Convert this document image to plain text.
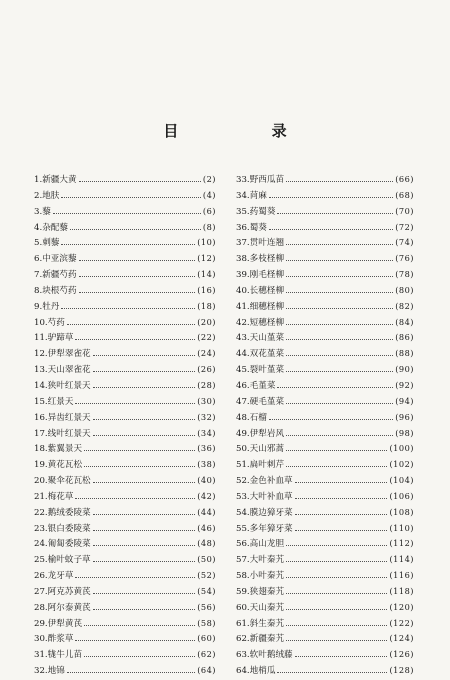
目 录
1.新疆大黄	(2)
2.地肤	(4)
3.藜	(6)
4.杂配藜	(8)
5.刺藜	(10)
6.中亚滨藜	(12)
7.新疆芍药	(14)
8.块根芍药	(16)
9.牡丹	(18)
10.芍药	(20)
11.驴蹄草	(22)
12.伊犁翠雀花	(24)
13.天山翠雀花	(26)
14.狭叶红景天	(28)
15.红景天	(30)
16.异齿红景天	(32)
17.线叶红景天	(34)
18.紫翼景天	(36)
19.黄花瓦松	(38)
20.聚伞花瓦松	(40)
21.梅花草	(42)
22.鹅绒委陵菜	(44)
23.银白委陵菜	(46)
24.匍匐委陵菜	(48)
25.榆叶蚊子草	(50)
26.龙牙草	(52)
27.阿克苏黄芪	(54)
28.阿尔泰黄芪	(56)
29.伊犁黄芪	(58)
30.酢浆草	(60)
31.牻牛儿苗	(62)
32.地锦	(64)
33.野西瓜苗	(66)
34.苘麻	(68)
35.药蜀葵	(70)
36.蜀葵	(72)
37.贯叶连翘	(74)
38.多枝柽柳	(76)
39.刚毛柽柳	(78)
40.长穗柽柳	(80)
41.细穗柽柳	(82)
42.短穗柽柳	(84)
43.天山堇菜	(86)
44.双花堇菜	(88)
45.裂叶堇菜	(90)
46.毛堇菜	(92)
47.硬毛堇菜	(94)
48.石榴	(96)
49.伊犁岩风	(98)
50.天山邪蒿	(100)
51.扁叶刺芹	(102)
52.金色补血草	(104)
53.大叶补血草	(106)
54.膜边獐牙菜	(108)
55.多年獐牙菜	(110)
56.高山龙胆	(112)
57.大叶秦艽	(114)
58.小叶秦艽	(116)
59.狭翅秦艽	(118)
60.天山秦艽	(120)
61.斜生秦艽	(122)
62.新疆秦艽	(124)
63.软叶鹅绒藤	(126)
64.地梢瓜	(128)
